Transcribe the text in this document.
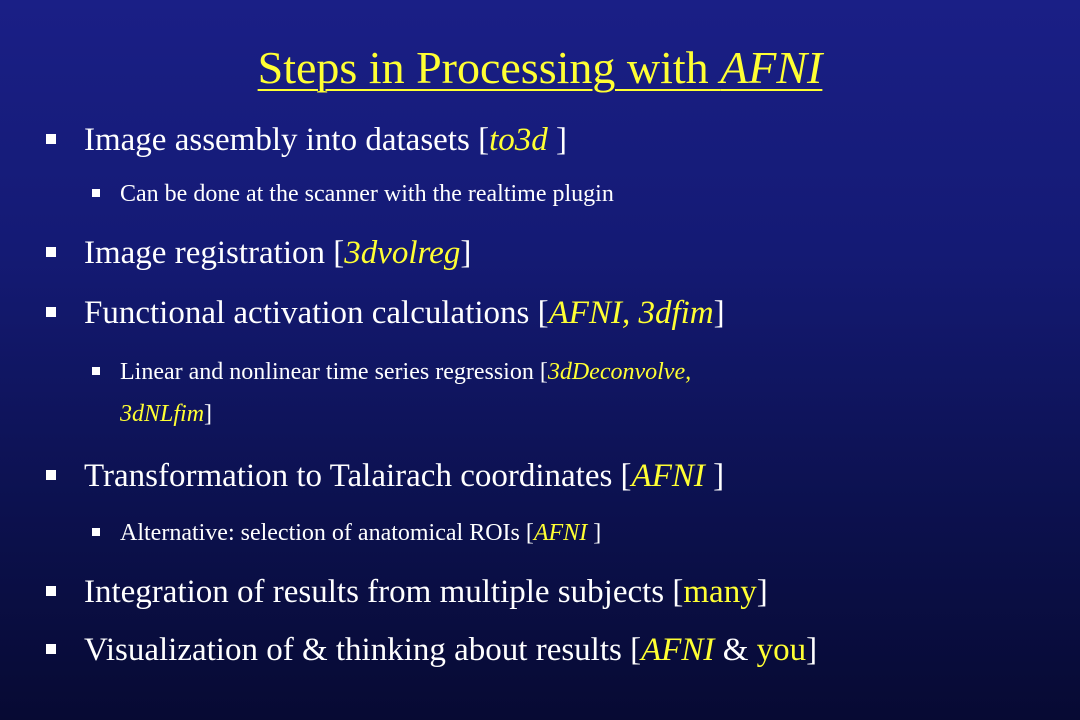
Steps in Processing with AFNI
Image assembly into datasets [to3d ]
Can be done at the scanner with the realtime plugin
Image registration [3dvolreg]
Functional activation calculations [AFNI, 3dfim]
Linear and nonlinear time series regression [3dDeconvolve,
3dNLfim]
Transformation to Talairach coordinates [AFNI ]
Alternative: selection of anatomical ROIs [AFNI ]
Integration of results from multiple subjects [many]
Visualization of & thinking about results [AFNI & you]
